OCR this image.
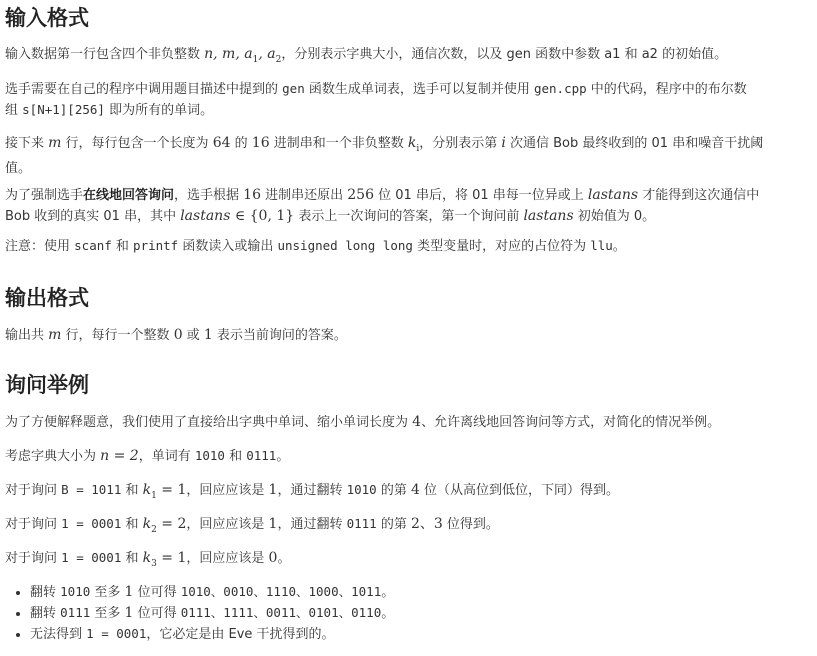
输入格式

输入数据第一行包含四个非负整数 n, m, $a_1$, $a_2$，分别表示字典大小，通信次数，以及 gen 函数中参数 a1 和 a2 的初始值。

选手需要在自己的程序中调用题目描述中提到的 gen 函数生成单词表，选手可以复制并使用 gen.cpp 中的代码，程序中的布尔数
组 s[N+1][256] 即为所有的单词。

接下来 m 行，每行包含一个长度为 64 的 16 进制串和一个非负整数 $k_i$，分别表示第 i 次通信 Bob 最终收到的 01 串和噪音干扰阈
值。

为了强制选手在线地回答询问，选手根据 16 进制串还原出 256 位 01 串后，将 01 串每一位异或上 lastans 才能得到这次通信中
Bob 收到的真实 01 串，其中 lastans ∈ {0, 1} 表示上一次询问的答案，第一个询问前 lastans 初始值为 0。

注意：使用 scanf 和 printf 函数读入或输出 unsigned long long 类型变量时，对应的占位符为 llu。

输出格式

输出共 m 行，每行一个整数 0 或 1 表示当前询问的答案。

询问举例

为了方便解释题意，我们使用了直接给出字典中单词、缩小单词长度为 4、允许离线地回答询问等方式，对简化的情况举例。

考虑字典大小为 n = 2，单词有 1010 和 0111。

对于询问 B = 1011 和 $k_1 = 1$，回应应该是 1，通过翻转 1010 的第 4 位（从高位到低位，下同）得到。

对于询问 1 = 0001 和 $k_2 = 2$，回应应该是 1，通过翻转 0111 的第 2、3 位得到。

对于询问 1 = 0001 和 $k_3 = 1$，回应应该是 0。

• 翻转 1010 至多 1 位可得 1010、0010、1110、1000、1011。
• 翻转 0111 至多 1 位可得 0111、1111、0011、0101、0110。
• 无法得到 1 = 0001，它必定是由 Eve 干扰得到的。
